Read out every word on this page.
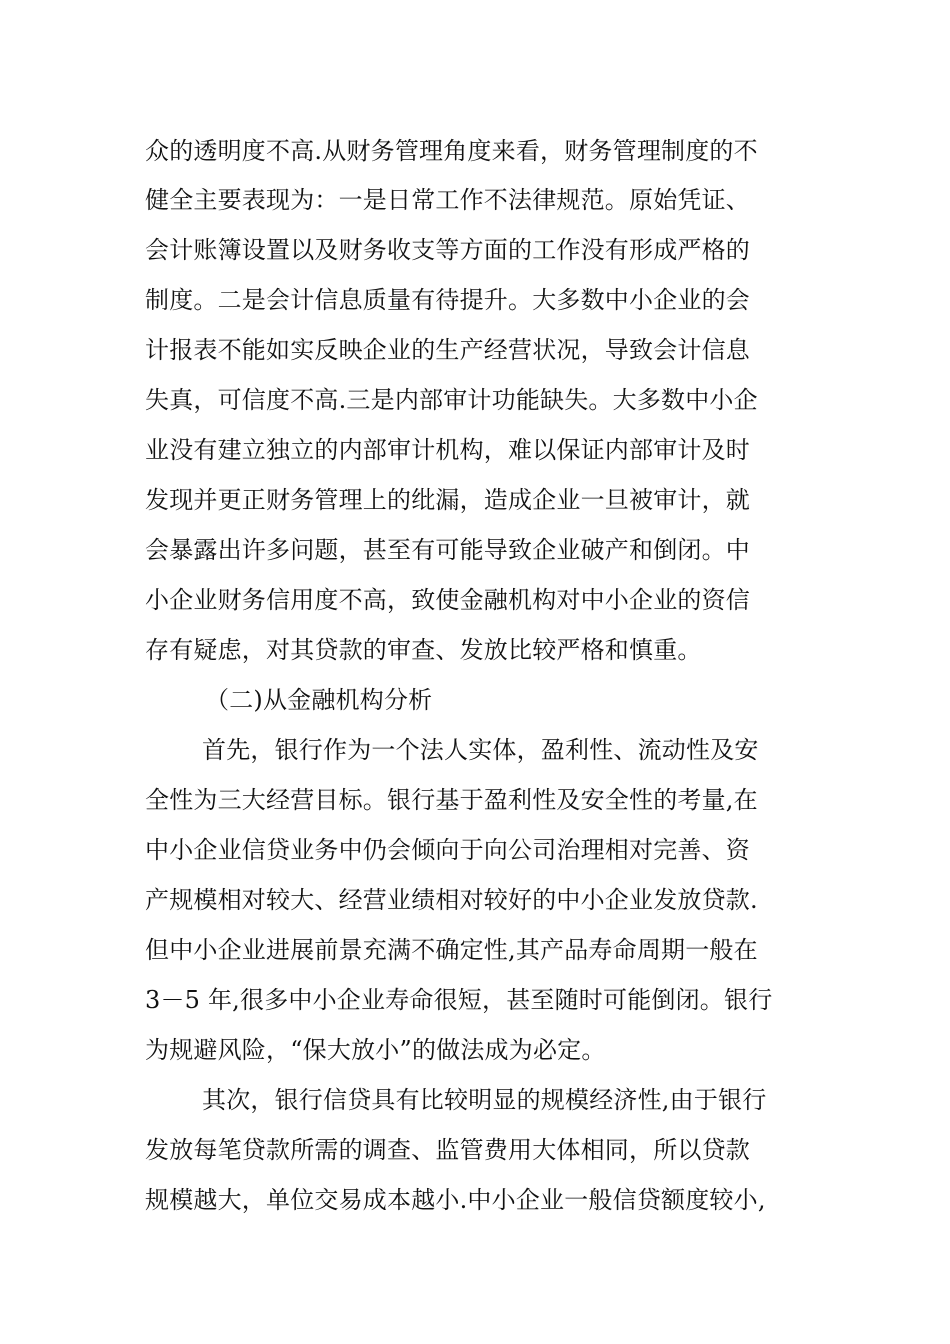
众的透明度不高.从财务管理角度来看，财务管理制度的不
健全主要表现为：一是日常工作不法律规范。原始凭证、
会计账簿设置以及财务收支等方面的工作没有形成严格的
制度。二是会计信息质量有待提升。大多数中小企业的会
计报表不能如实反映企业的生产经营状况，导致会计信息
失真，可信度不高.三是内部审计功能缺失。大多数中小企
业没有建立独立的内部审计机构，难以保证内部审计及时
发现并更正财务管理上的纰漏，造成企业一旦被审计，就
会暴露出许多问题，甚至有可能导致企业破产和倒闭。中
小企业财务信用度不高，致使金融机构对中小企业的资信
存有疑虑，对其贷款的审查、发放比较严格和慎重。
（二)从金融机构分析
首先，银行作为一个法人实体，盈利性、流动性及安
全性为三大经营目标。银行基于盈利性及安全性的考量,在
中小企业信贷业务中仍会倾向于向公司治理相对完善、资
产规模相对较大、经营业绩相对较好的中小企业发放贷款.
但中小企业进展前景充满不确定性,其产品寿命周期一般在
3－5 年,很多中小企业寿命很短，甚至随时可能倒闭。银行
为规避风险，“保大放小”的做法成为必定。
其次，银行信贷具有比较明显的规模经济性,由于银行
发放每笔贷款所需的调查、监管费用大体相同，所以贷款
规模越大，单位交易成本越小.中小企业一般信贷额度较小,
